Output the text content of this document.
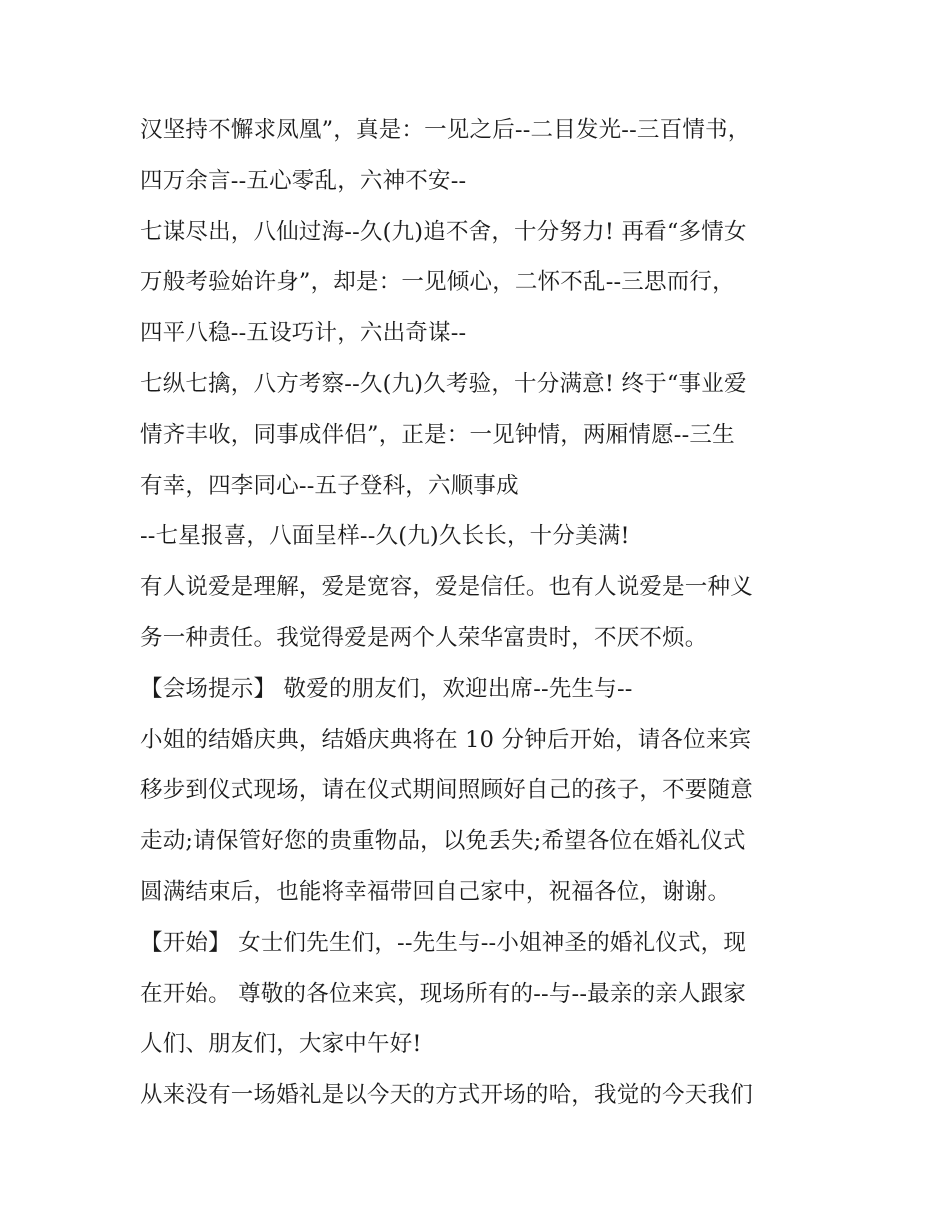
汉坚持不懈求凤凰”，真是：一见之后--二目发光--三百情书，
四万余言--五心零乱，六神不安--
七谋尽出，八仙过海--久(九)追不舍，十分努力! 再看“多情女
万般考验始许身”，却是：一见倾心，二怀不乱--三思而行，
四平八稳--五设巧计，六出奇谋--
七纵七擒，八方考察--久(九)久考验，十分满意! 终于“事业爱
情齐丰收，同事成伴侣”，正是：一见钟情，两厢情愿--三生
有幸，四李同心--五子登科，六顺事成
--七星报喜，八面呈样--久(九)久长长，十分美满!
有人说爱是理解，爱是宽容，爱是信任。也有人说爱是一种义
务一种责任。我觉得爱是两个人荣华富贵时，不厌不烦。
【会场提示】 敬爱的朋友们，欢迎出席--先生与--
小姐的结婚庆典，结婚庆典将在 10 分钟后开始，请各位来宾
移步到仪式现场，请在仪式期间照顾好自己的孩子，不要随意
走动;请保管好您的贵重物品，以免丢失;希望各位在婚礼仪式
圆满结束后，也能将幸福带回自己家中，祝福各位，谢谢。
【开始】 女士们先生们，--先生与--小姐神圣的婚礼仪式，现
在开始。 尊敬的各位来宾，现场所有的--与--最亲的亲人跟家
人们、朋友们，大家中午好!
从来没有一场婚礼是以今天的方式开场的哈，我觉的今天我们
